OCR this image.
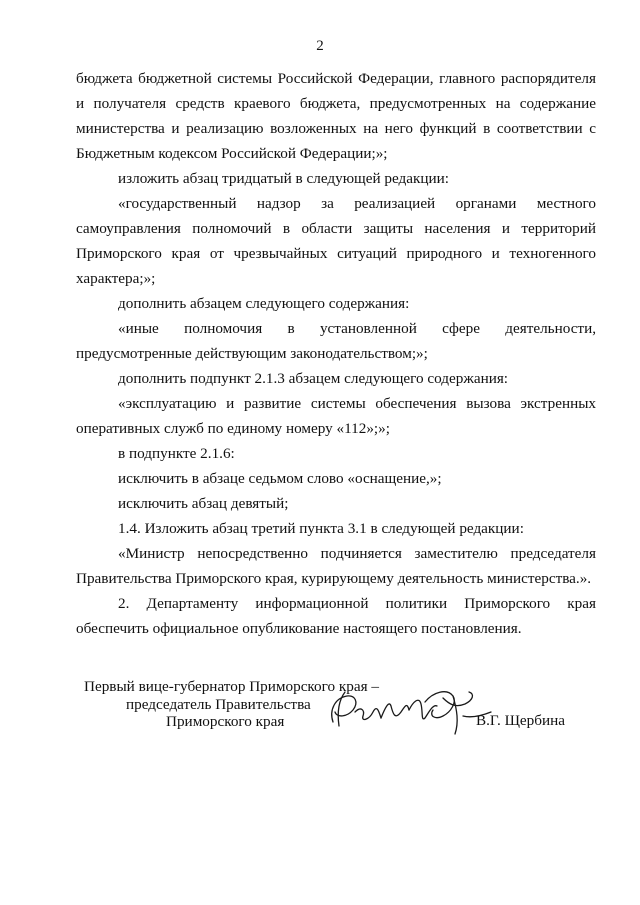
2

бюджета бюджетной системы Российской Федерации, главного распорядителя и получателя средств краевого бюджета, предусмотренных на содержание министерства и реализацию возложенных на него функций в соответствии с Бюджетным кодексом Российской Федерации;»;

изложить абзац тридцатый в следующей редакции:

«государственный надзор за реализацией органами местного самоуправления полномочий в области защиты населения и территорий Приморского края от чрезвычайных ситуаций природного и техногенного характера;»;

дополнить абзацем следующего содержания:

«иные полномочия в установленной сфере деятельности, предусмотренные действующим законодательством;»;

дополнить подпункт 2.1.3 абзацем следующего содержания:

«эксплуатацию и развитие системы обеспечения вызова экстренных оперативных служб по единому номеру «112»;»;

в подпункте 2.1.6:

исключить в абзаце седьмом слово «оснащение,»;

исключить абзац девятый;

1.4. Изложить абзац третий пункта 3.1 в следующей редакции:

«Министр непосредственно подчиняется заместителю председателя Правительства Приморского края, курирующему деятельность министерства.».

2. Департаменту информационной политики Приморского края обеспечить официальное опубликование настоящего постановления.

Первый вице-губернатор Приморского края –
председатель Правительства
Приморского края	В.Г. Щербина
